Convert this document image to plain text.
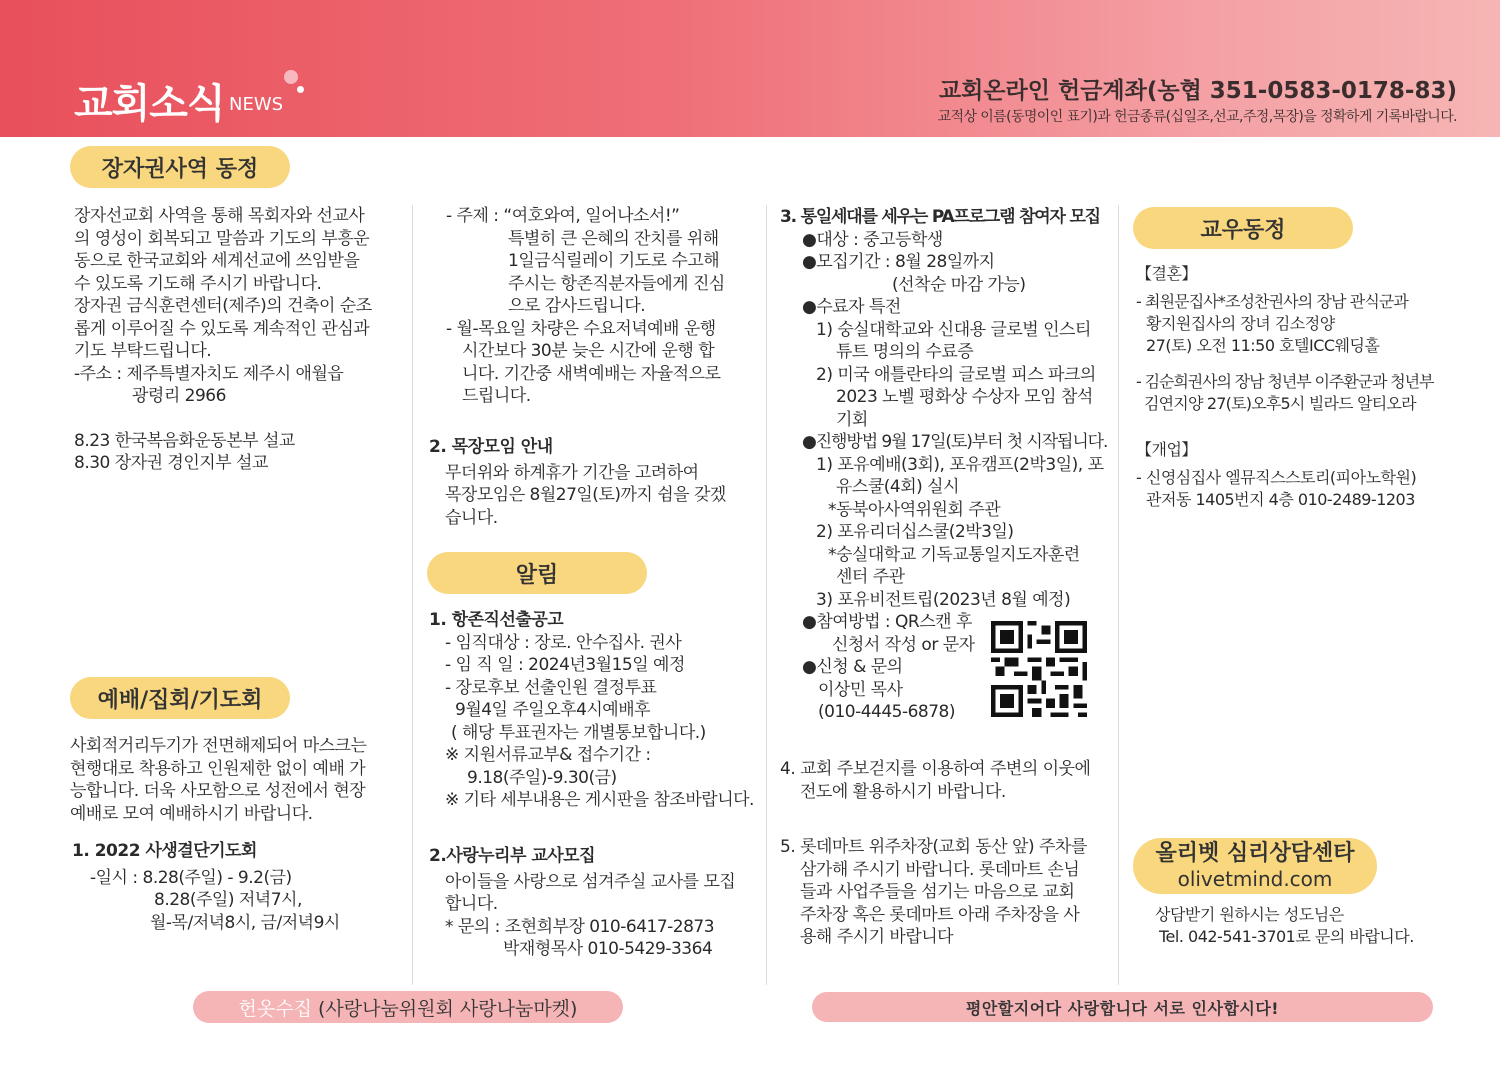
교회소식 NEWS
교회온라인 헌금계좌(농협 351-0583-0178-83)
교적상 이름(동명이인 표기)과 헌금종류(십일조,선교,주정,목장)을 정확하게 기록바랍니다.
장자권사역 동정
장자선교회 사역을 통해 목회자와 선교사
의 영성이 회복되고 말씀과 기도의 부흥운
동으로 한국교회와 세계선교에 쓰임받을
수 있도록 기도해 주시기 바랍니다.
장자권 금식훈련센터(제주)의 건축이 순조
롭게 이루어질 수 있도록 계속적인 관심과
기도 부탁드립니다.
-주소 : 제주특별자치도 제주시 애월읍
광령리 2966
8.23 한국복음화운동본부 설교
8.30 장자권 경인지부 설교
예배/집회/기도회
사회적거리두기가 전면해제되어 마스크는
현행대로 착용하고 인원제한 없이 예배 가
능합니다. 더욱 사모함으로 성전에서 현장
예배로 모여 예배하시기 바랍니다.
1. 2022 사생결단기도회
-일시 : 8.28(주일) - 9.2(금)
8.28(주일) 저녁7시,
월-목/저녁8시, 금/저녁9시
- 주제 : “여호와여, 일어나소서!”
특별히 큰 은혜의 잔치를 위해
1일금식릴레이 기도로 수고해
주시는 항존직분자들에게 진심
으로 감사드립니다.
- 월-목요일 차량은 수요저녁예배 운행
시간보다 30분 늦은 시간에 운행 합
니다. 기간중 새벽예배는 자율적으로
드립니다.
2. 목장모임 안내
무더위와 하계휴가 기간을 고려하여
목장모임은 8월27일(토)까지 쉼을 갖겠
습니다.
알림
1. 항존직선출공고
- 임직대상 : 장로. 안수집사. 권사
- 임 직 일 : 2024년3월15일 예정
- 장로후보 선출인원 결정투표
9월4일 주일오후4시예배후
( 해당 투표권자는 개별통보합니다.)
※ 지원서류교부& 접수기간 :
9.18(주일)-9.30(금)
※ 기타 세부내용은 게시판을 참조바랍니다.
2.사랑누리부 교사모집
아이들을 사랑으로 섬겨주실 교사를 모집
합니다.
* 문의 : 조현희부장 010-6417-2873
박재형목사 010-5429-3364
3. 통일세대를 세우는 PA프로그램 참여자 모집
●대상 : 중고등학생
●모집기간 : 8월 28일까지
(선착순 마감 가능)
●수료자 특전
1) 숭실대학교와 신대용 글로벌 인스티
튜트 명의의 수료증
2) 미국 애틀란타의 글로벌 피스 파크의
2023 노벨 평화상 수상자 모임 참석
기회
●진행방법 9월 17일(토)부터 첫 시작됩니다.
1) 포유예배(3회), 포유캠프(2박3일), 포
유스쿨(4회) 실시
*동북아사역위원회 주관
2) 포유리더십스쿨(2박3일)
*숭실대학교 기독교통일지도자훈련
센터 주관
3) 포유비전트립(2023년 8월 예정)
●참여방법 : QR스캔 후
신청서 작성 or 문자
●신청 & 문의
이상민 목사
(010-4445-6878)
4. 교회 주보걷지를 이용하여 주변의 이웃에
전도에 활용하시기 바랍니다.
5. 롯데마트 위주차장(교회 동산 앞) 주차를
삼가해 주시기 바랍니다. 롯데마트 손님
들과 사업주들을 섬기는 마음으로 교회
주차장 혹은 롯데마트 아래 주차장을 사
용해 주시기 바랍니다
교우동정
【결혼】
- 최원문집사*조성찬권사의 장남 관식군과
황지원집사의 장녀 김소정양
27(토) 오전 11:50 호텔ICC웨딩홀
- 김순희권사의 장남 청년부 이주환군과 청년부
김연지양 27(토)오후5시 빌라드 알티오라
【개업】
- 신영심집사 엘뮤직스스토리(피아노학원)
관저동 1405번지 4층 010-2489-1203
올리벳 심리상담센타
olivetmind.com
상담받기 원하시는 성도님은
Tel. 042-541-3701로 문의 바랍니다.
헌옷수집 (사랑나눔위원회 사랑나눔마켓)	평안할지어다 사랑합니다 서로 인사합시다!
